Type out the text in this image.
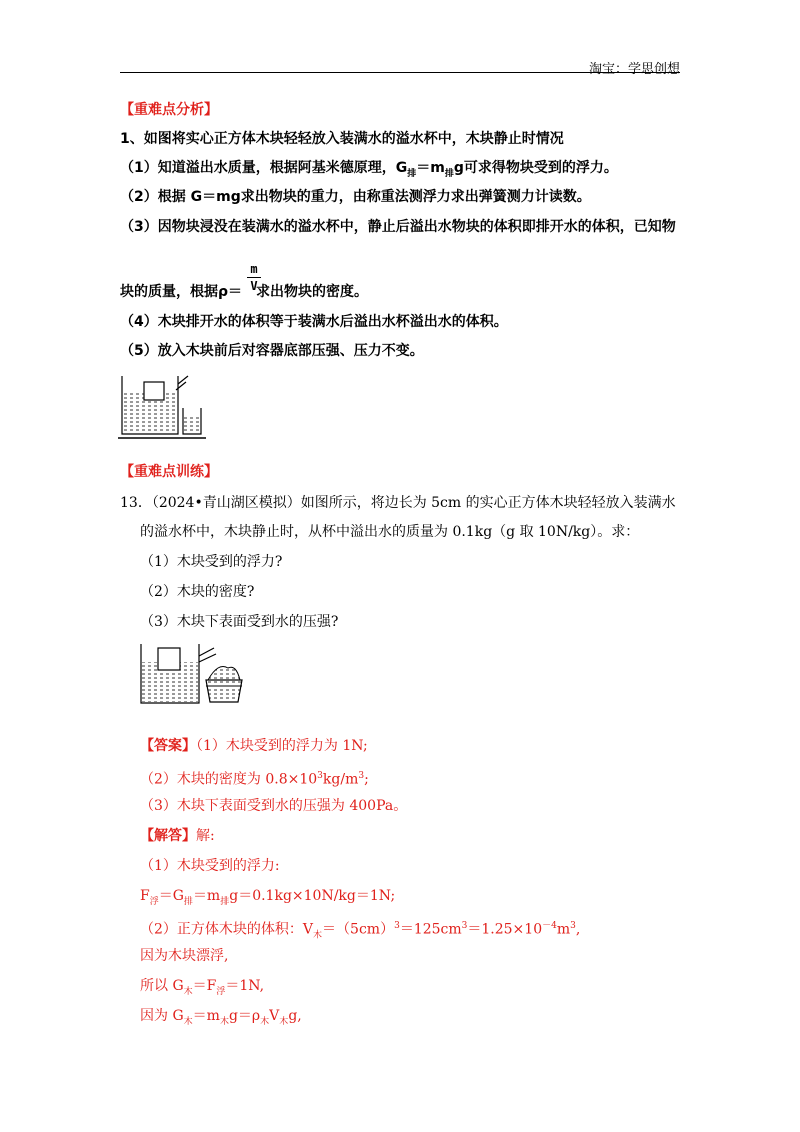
淘宝：学思创想
【重难点分析】
1、如图将实心正方体木块轻轻放入装满水的溢水杯中，木块静止时情况
（1）知道溢出水质量，根据阿基米德原理，$G_排=m_排g$可求得物块受到的浮力。
（2）根据 G＝mg求出物块的重力，由称重法测浮力求出弹簧测力计读数。
（3）因物块浸没在装满水的溢水杯中，静止后溢出水物块的体积即排开水的体积，已知物
m
V
块的质量，根据ρ＝ 求出物块的密度。
（4）木块排开水的体积等于装满水后溢出水杯溢出水的体积。
（5）放入木块前后对容器底部压强、压力不变。
【重难点训练】
13．（2024•青山湖区模拟）如图所示，将边长为 5cm 的实心正方体木块轻轻放入装满水
的溢水杯中，木块静止时，从杯中溢出水的质量为 0.1kg（g 取 10N/kg）。求：
（1）木块受到的浮力?
（2）木块的密度?
（3）木块下表面受到水的压强?
【答案】（1）木块受到的浮力为 1N;
（2）木块的密度为 $0.8\times 10^3kg/m^3$;
（3）木块下表面受到水的压强为 400Pa。
【解答】解:
（1）木块受到的浮力:
$F_浮=G_排=m_排g=0.1kg\times 10N/kg=1N$;
（2）正方体木块的体积：$V_木=(5cm)^3=125cm^3=1.25\times 10^{-4}m^3$,
因为木块漂浮,
所以 $G_木=F_浮=1N$,
因为 $G_木=m_木g=\rho_木V_木g$,
